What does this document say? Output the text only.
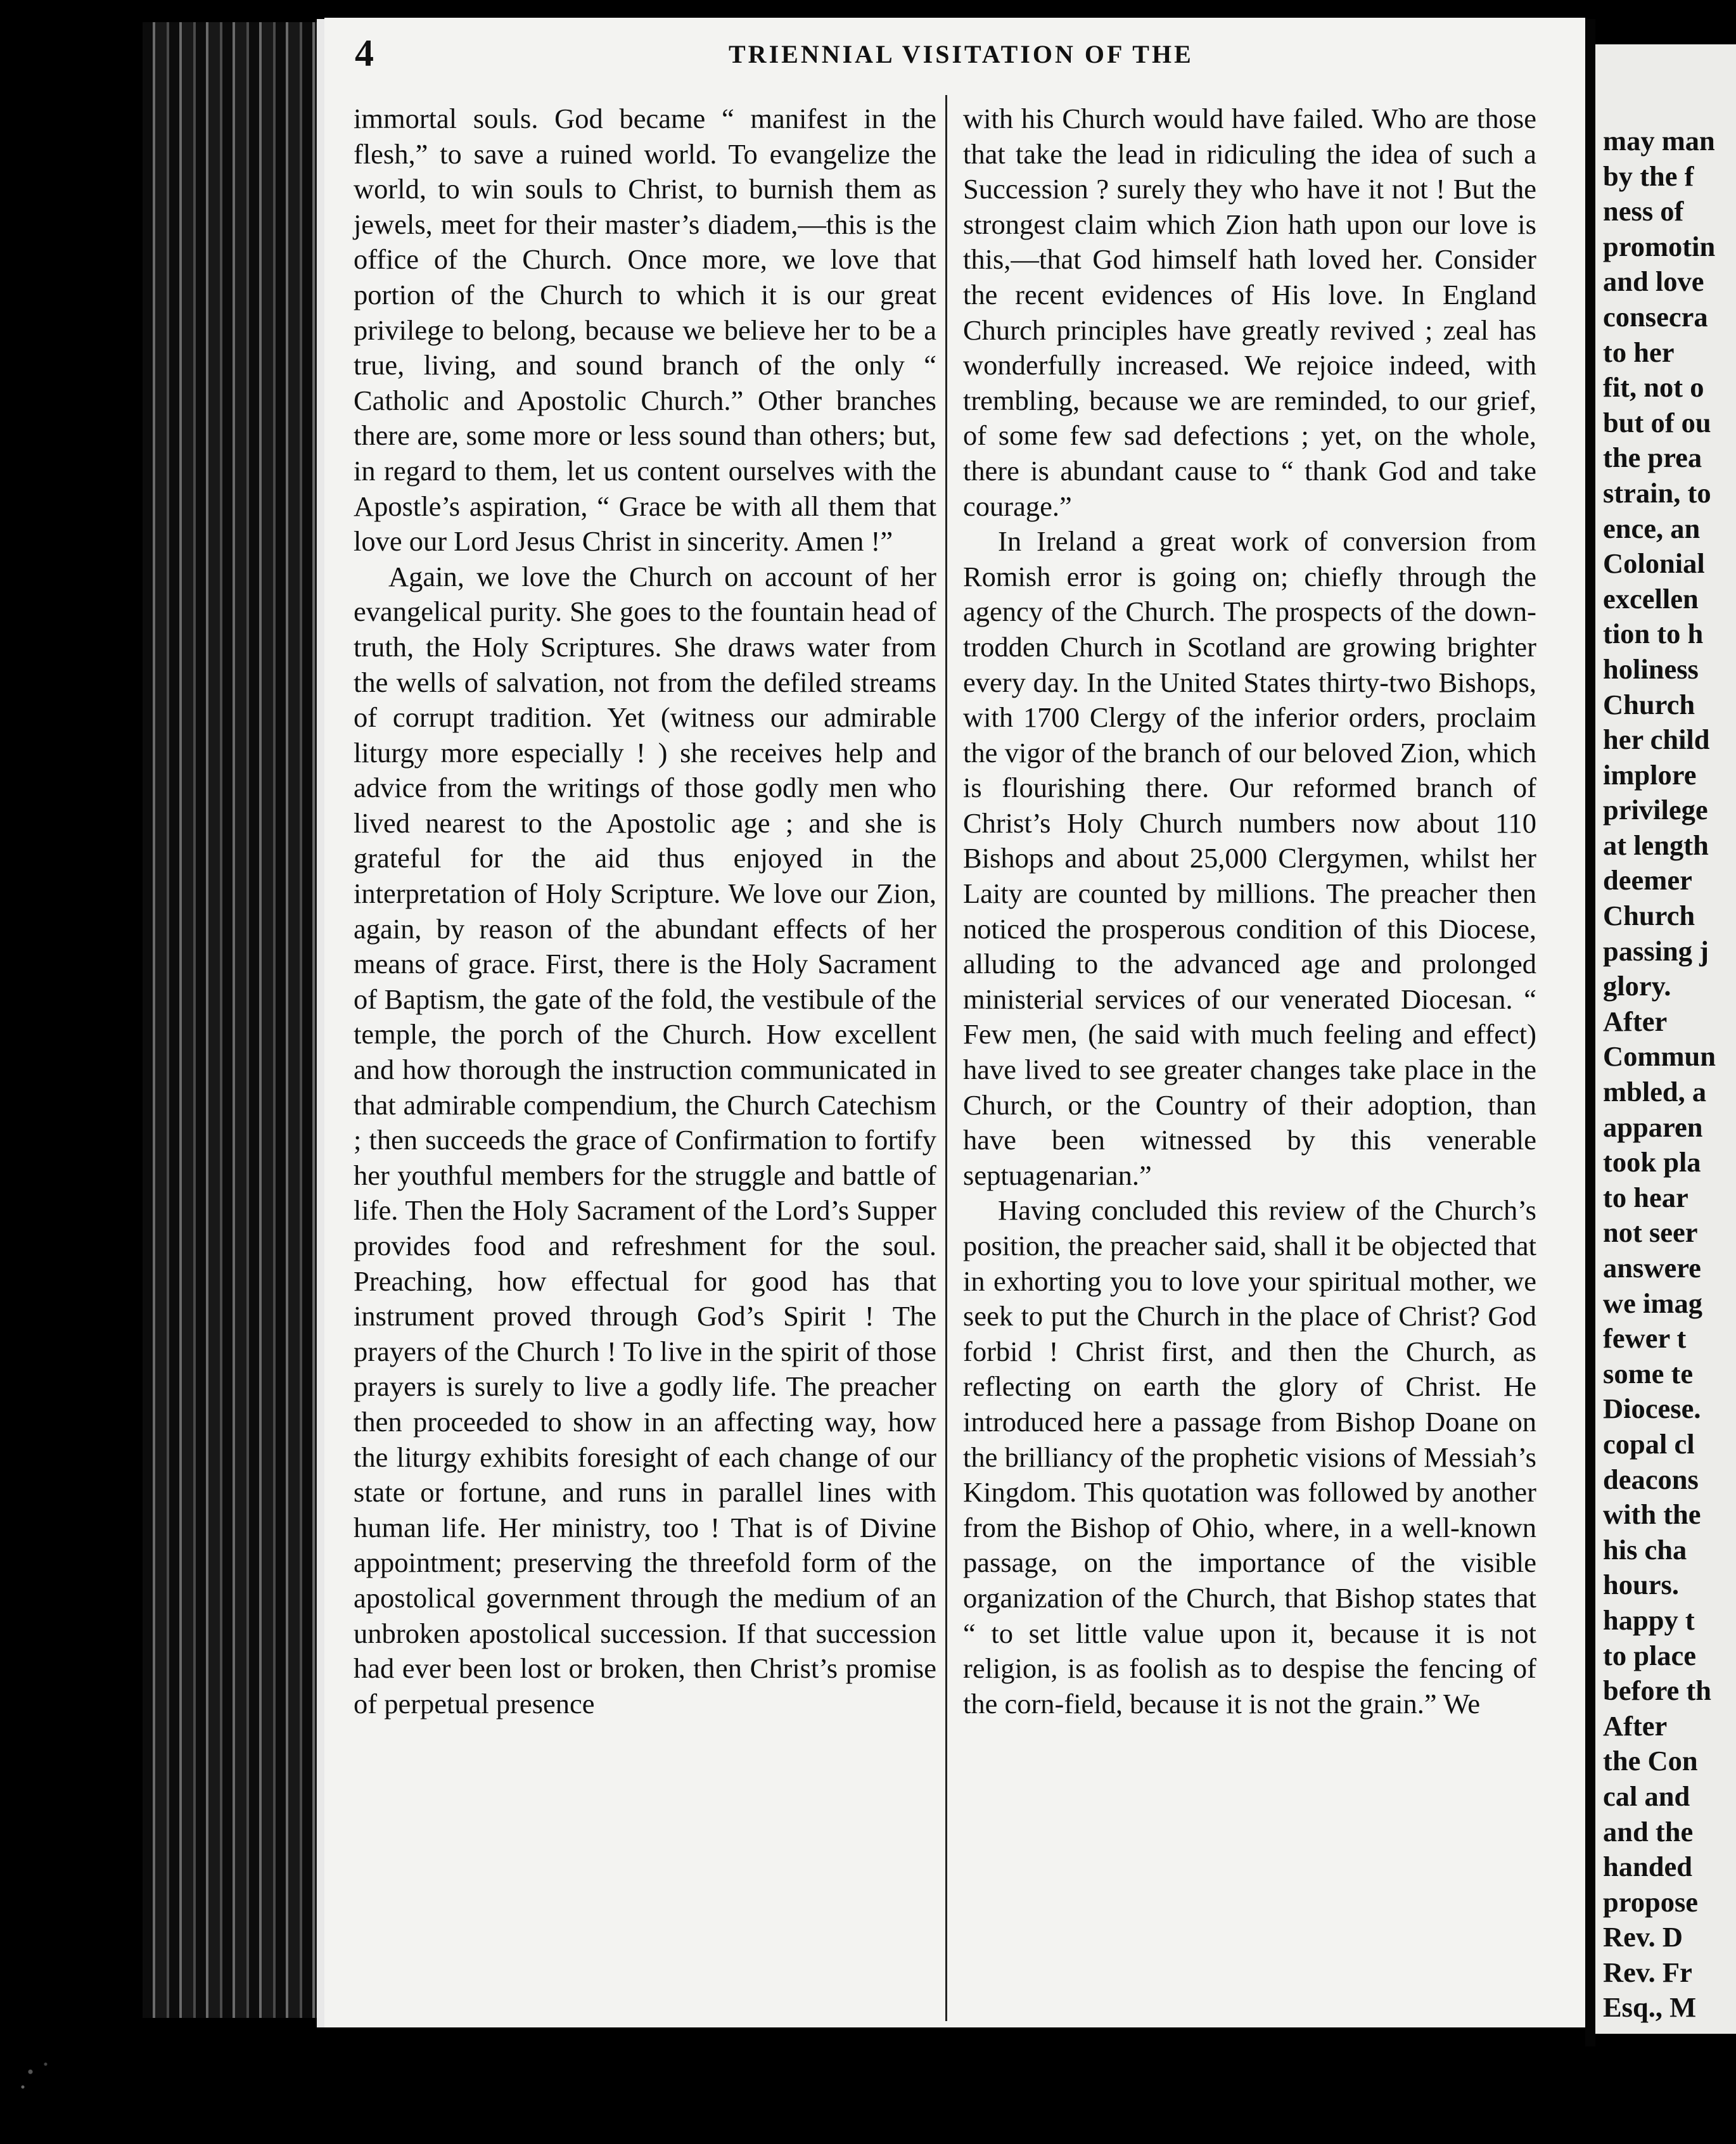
4	TRIENNIAL VISITATION OF THE

immortal souls. God became “ manifest in the flesh,” to save a ruined world. To evangelize the world, to win souls to Christ, to burnish them as jewels, meet for their master’s diadem,—this is the office of the Church. Once more, we love that portion of the Church to which it is our great privilege to belong, because we believe her to be a true, living, and sound branch of the only “ Catholic and Apostolic Church.” Other branches there are, some more or less sound than others; but, in regard to them, let us content ourselves with the Apostle’s aspiration, “ Grace be with all them that love our Lord Jesus Christ in sincerity. Amen !”

Again, we love the Church on account of her evangelical purity. She goes to the fountain head of truth, the Holy Scriptures. She draws water from the wells of salvation, not from the defiled streams of corrupt tradition. Yet (witness our admirable liturgy more especially ! ) she receives help and advice from the writings of those godly men who lived nearest to the Apostolic age ; and she is grateful for the aid thus enjoyed in the interpretation of Holy Scripture. We love our Zion, again, by reason of the abundant effects of her means of grace. First, there is the Holy Sacrament of Baptism, the gate of the fold, the vestibule of the temple, the porch of the Church. How excellent and how thorough the instruction communicated in that admirable compendium, the Church Catechism ; then succeeds the grace of Confirmation to fortify her youthful members for the struggle and battle of life. Then the Holy Sacrament of the Lord’s Supper provides food and refreshment for the soul. Preaching, how effectual for good has that instrument proved through God’s Spirit ! The prayers of the Church ! To live in the spirit of those prayers is surely to live a godly life. The preacher then proceeded to show in an affecting way, how the liturgy exhibits foresight of each change of our state or fortune, and runs in parallel lines with human life. Her ministry, too ! That is of Divine appointment; preserving the threefold form of the apostolical government through the medium of an unbroken apostolical succession. If that succession had ever been lost or broken, then Christ’s promise of perpetual presence

with his Church would have failed. Who are those that take the lead in ridiculing the idea of such a Succession ? surely they who have it not ! But the strongest claim which Zion hath upon our love is this,—that God himself hath loved her. Consider the recent evidences of His love. In England Church principles have greatly revived ; zeal has wonderfully increased. We rejoice indeed, with trembling, because we are reminded, to our grief, of some few sad defections ; yet, on the whole, there is abundant cause to “ thank God and take courage.”

In Ireland a great work of conversion from Romish error is going on; chiefly through the agency of the Church. The prospects of the down-trodden Church in Scotland are growing brighter every day. In the United States thirty-two Bishops, with 1700 Clergy of the inferior orders, proclaim the vigor of the branch of our beloved Zion, which is flourishing there. Our reformed branch of Christ’s Holy Church numbers now about 110 Bishops and about 25,000 Clergymen, whilst her Laity are counted by millions. The preacher then noticed the prosperous condition of this Diocese, alluding to the advanced age and prolonged ministerial services of our venerated Diocesan. “ Few men, (he said with much feeling and effect) have lived to see greater changes take place in the Church, or the Country of their adoption, than have been witnessed by this venerable septuagenarian.”

Having concluded this review of the Church’s position, the preacher said, shall it be objected that in exhorting you to love your spiritual mother, we seek to put the Church in the place of Christ? God forbid ! Christ first, and then the Church, as reflecting on earth the glory of Christ. He introduced here a passage from Bishop Doane on the brilliancy of the prophetic visions of Messiah’s Kingdom. This quotation was followed by another from the Bishop of Ohio, where, in a well-known passage, on the importance of the visible organization of the Church, that Bishop states that “ to set little value upon it, because it is not religion, is as foolish as to despise the fencing of the corn-field, because it is not the grain.” We

may man
by the f
ness of
promotin
and love
consecra
to her
fit, not o
but of ou
the prea
strain, to
ence, an
Colonial
excellen
tion to h
holiness
Church
her child
implore
privilege
at length
deemer
Church
passing j
glory.
After
Commun
mbled, a
apparen
took pla
to hear
not seer
answere
we imag
fewer t
some te
Diocese.
copal cl
deacons
with the
his cha
hours.
happy t
to place
before th
After
the Con
cal and
and the
handed
propose
Rev. D
Rev. Fr
Esq., M
